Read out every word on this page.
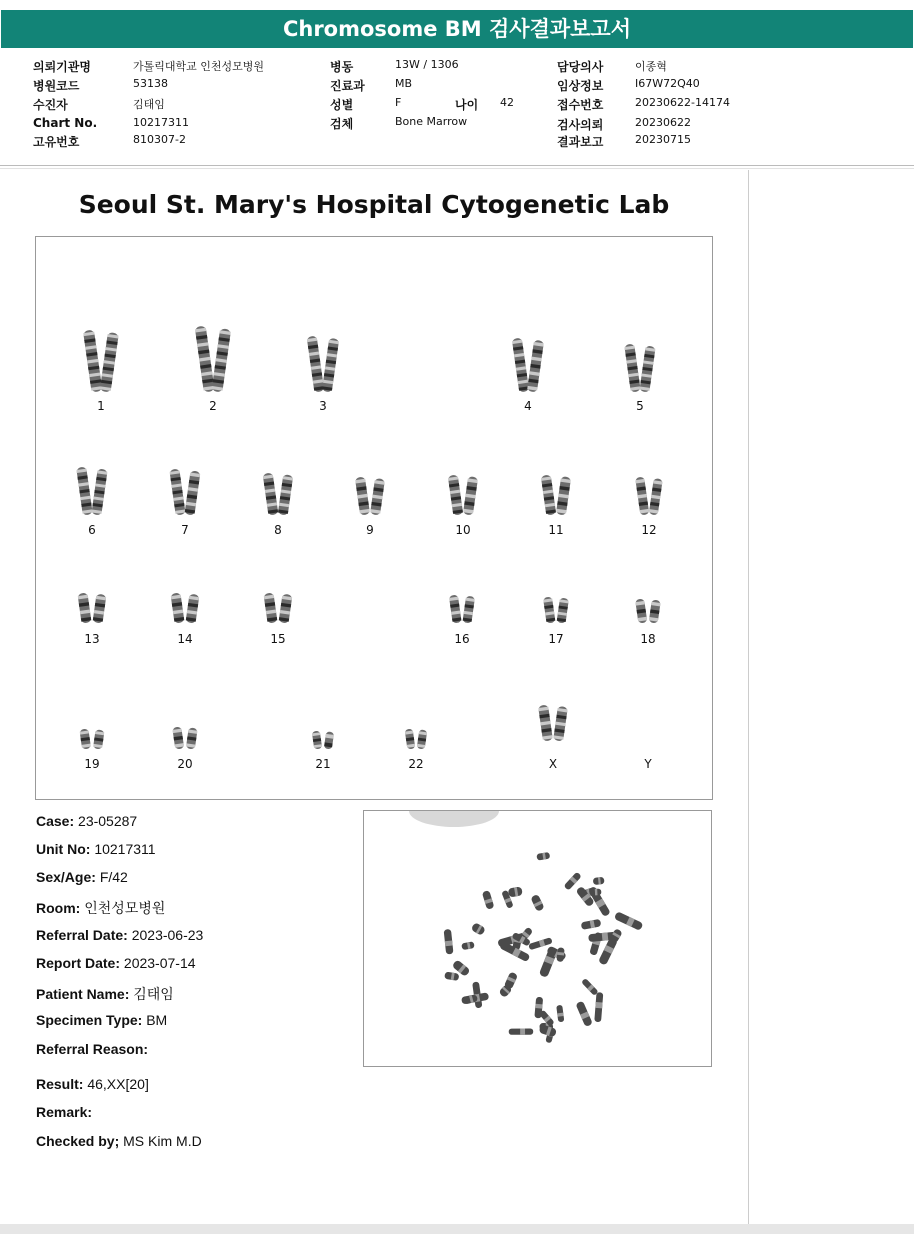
Chromosome BM 검사결과보고서
의뢰기관명	가톨릭대학교 인천성모병원
병원코드	53138
수진자	김태임
Chart No.	10217311
고유번호	810307-2
병동	13W / 1306
진료과	MB
성별	F	나이 42
검체	Bone Marrow
담당의사	이종혁
임상정보	I67W72Q40
접수번호	20230622-14174
검사의뢰	20230622
결과보고	20230715
Seoul St. Mary's Hospital Cytogenetic Lab
1	2	3	4	5
6	7	8	9	10	11	12
13	14	15	16	17	18
19	20	21	22	X	Y
Case: 23-05287
Unit No: 10217311
Sex/Age: F/42
Room: 인천성모병원
Referral Date: 2023-06-23
Report Date: 2023-07-14
Patient Name: 김태임
Specimen Type: BM
Referral Reason:
Result: 46,XX[20]
Remark:
Checked by; MS Kim M.D
